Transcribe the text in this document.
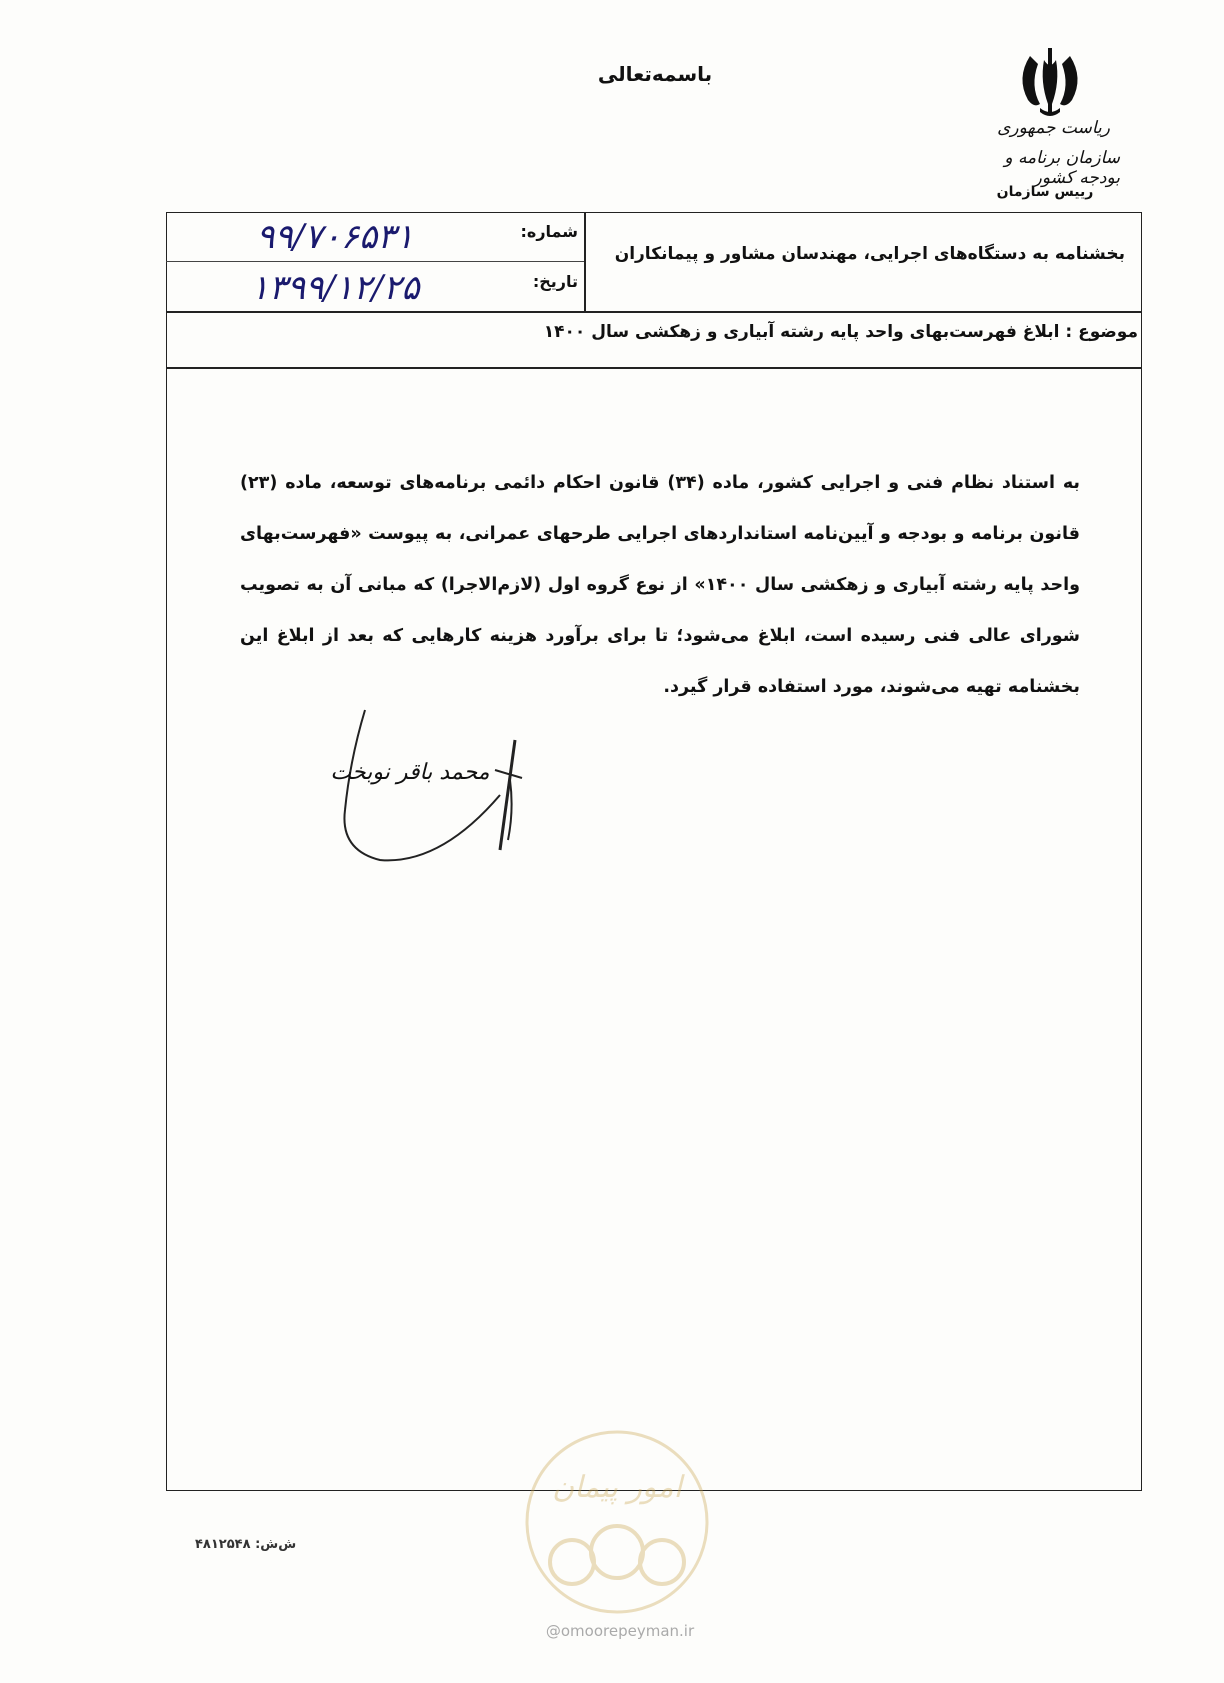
باسمه‌تعالی
ریاست جمهوری
سازمان برنامه و بودجه کشور
رییس سازمان
بخشنامه به دستگاه‌های اجرایی، مهندسان مشاور و پیمانکاران
شماره:
۹۹/۷۰۶۵۳۱
تاریخ:
۱۳۹۹/۱۲/۲۵
موضوع : ابلاغ فهرست‌بهای واحد پایه رشته آبیاری و زهکشی سال ۱۴۰۰
به استناد نظام فنی و اجرایی کشور، ماده (۳۴) قانون احکام دائمی برنامه‌های توسعه، ماده (۲۳) قانون برنامه و بودجه و آیین‌نامه استانداردهای اجرایی طرحهای عمرانی، به پیوست «فهرست‌بهای واحد پایه رشته آبیاری و زهکشی سال ۱۴۰۰» از نوع گروه اول (لازم‌الاجرا) که مبانی آن به تصویب شورای عالی فنی رسیده است، ابلاغ می‌شود؛ تا برای برآورد هزینه کارهایی که بعد از ابلاغ این بخشنامه تهیه می‌شوند، مورد استفاده قرار گیرد.
محمد باقر نوبخت
امور پیمان
@omoorepeyman.ir
ش‌ش: ۴۸۱۲۵۴۸
